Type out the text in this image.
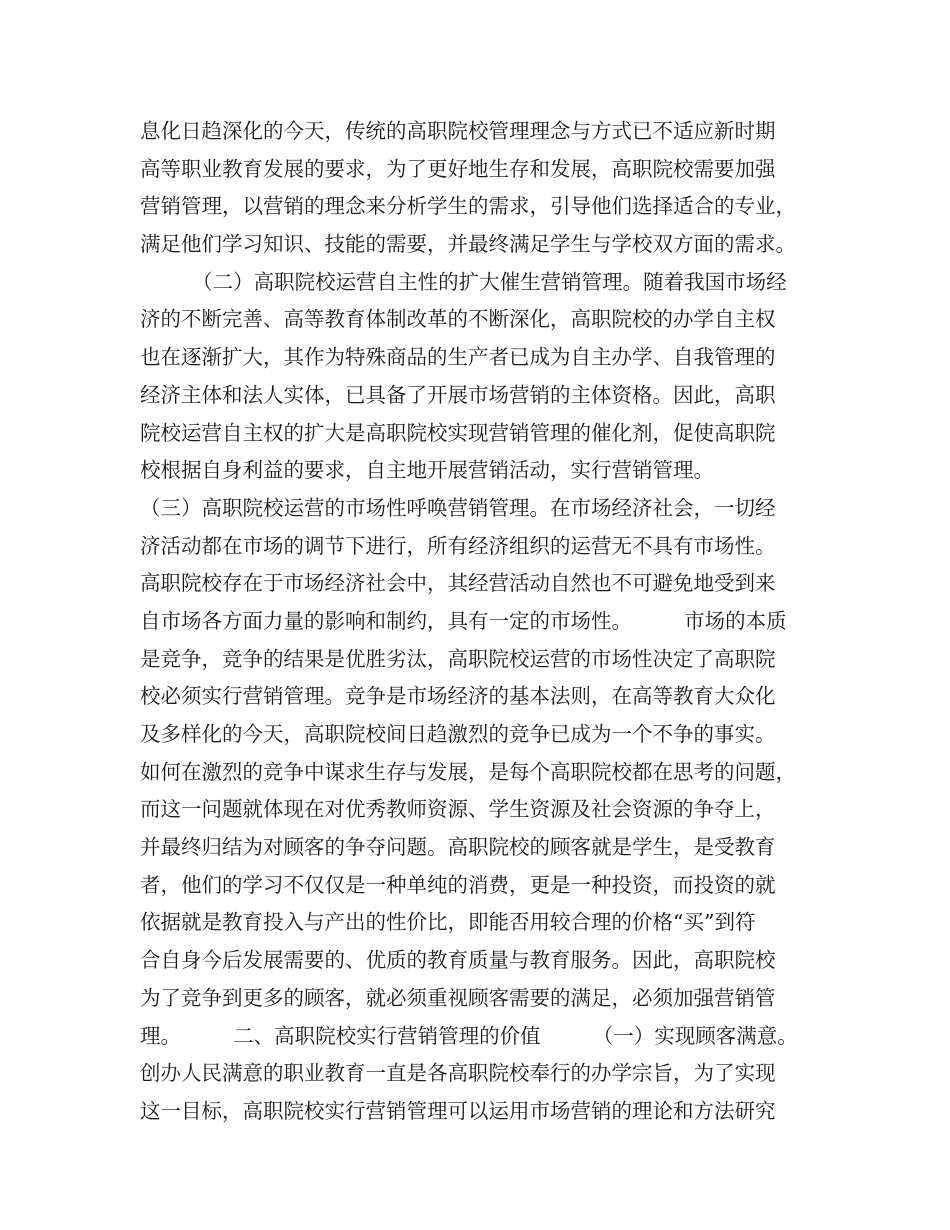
息化日趋深化的今天，传统的高职院校管理理念与方式已不适应新时期
高等职业教育发展的要求，为了更好地生存和发展，高职院校需要加强
营销管理，以营销的理念来分析学生的需求，引导他们选择适合的专业，
满足他们学习知识、技能的需要，并最终满足学生与学校双方面的需求。
（二）高职院校运营自主性的扩大催生营销管理。随着我国市场经
济的不断完善、高等教育体制改革的不断深化，高职院校的办学自主权
也在逐渐扩大，其作为特殊商品的生产者已成为自主办学、自我管理的
经济主体和法人实体，已具备了开展市场营销的主体资格。因此，高职
院校运营自主权的扩大是高职院校实现营销管理的催化剂，促使高职院
校根据自身利益的要求，自主地开展营销活动，实行营销管理。
（三）高职院校运营的市场性呼唤营销管理。在市场经济社会，一切经
济活动都在市场的调节下进行，所有经济组织的运营无不具有市场性。
高职院校存在于市场经济社会中，其经营活动自然也不可避免地受到来
自市场各方面力量的影响和制约，具有一定的市场性。        市场的本质
是竞争，竞争的结果是优胜劣汰，高职院校运营的市场性决定了高职院
校必须实行营销管理。竞争是市场经济的基本法则，在高等教育大众化
及多样化的今天，高职院校间日趋激烈的竞争已成为一个不争的事实。
如何在激烈的竞争中谋求生存与发展，是每个高职院校都在思考的问题，
而这一问题就体现在对优秀教师资源、学生资源及社会资源的争夺上，
并最终归结为对顾客的争夺问题。高职院校的顾客就是学生，是受教育
者，他们的学习不仅仅是一种单纯的消费，更是一种投资，而投资的就
依据就是教育投入与产出的性价比，即能否用较合理的价格“买”到符
合自身今后发展需要的、优质的教育质量与教育服务。因此，高职院校
为了竞争到更多的顾客，就必须重视顾客需要的满足，必须加强营销管
理。        二、高职院校实行营销管理的价值        （一）实现顾客满意。
创办人民满意的职业教育一直是各高职院校奉行的办学宗旨，为了实现
这一目标，高职院校实行营销管理可以运用市场营销的理论和方法研究
